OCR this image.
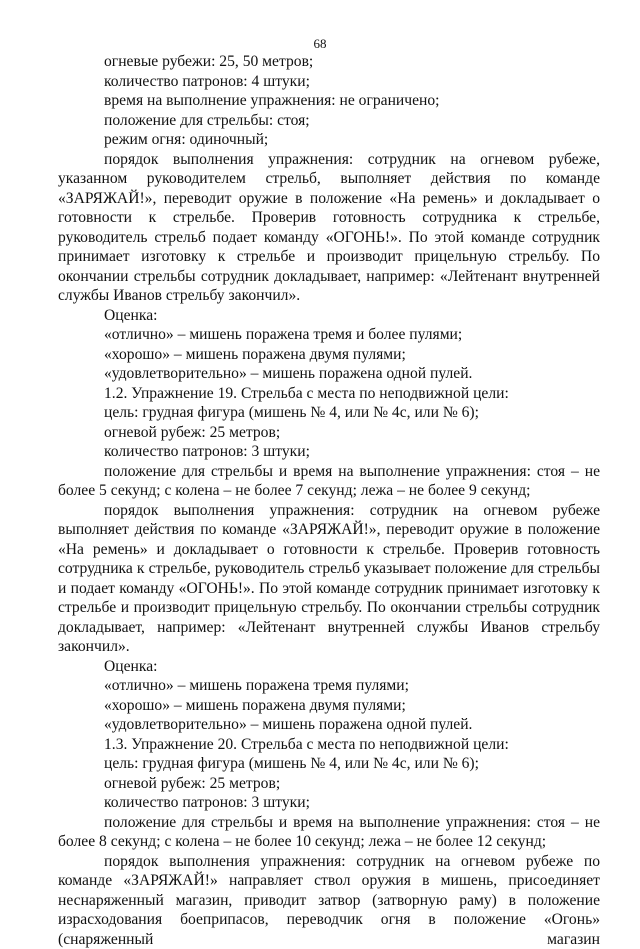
68

огневые рубежи: 25, 50 метров;

количество патронов: 4 штуки;

время на выполнение упражнения: не ограничено;

положение для стрельбы: стоя;

режим огня: одиночный;

порядок выполнения упражнения: сотрудник на огневом рубеже, указанном руководителем стрельб, выполняет действия по команде «ЗАРЯЖАЙ!», переводит оружие в положение «На ремень» и докладывает о готовности к стрельбе. Проверив готовность сотрудника к стрельбе, руководитель стрельб подает команду «ОГОНЬ!». По этой команде сотрудник принимает изготовку к стрельбе и производит прицельную стрельбу. По окончании стрельбы сотрудник докладывает, например: «Лейтенант внутренней службы Иванов стрельбу закончил».

Оценка:

«отлично» – мишень поражена тремя и более пулями;

«хорошо» – мишень поражена двумя пулями;

«удовлетворительно» – мишень поражена одной пулей.

1.2. Упражнение 19. Стрельба с места по неподвижной цели:

цель: грудная фигура (мишень № 4, или № 4с, или № 6);

огневой рубеж: 25 метров;

количество патронов: 3 штуки;

положение для стрельбы и время на выполнение упражнения: стоя – не более 5 секунд; с колена – не более 7 секунд; лежа – не более 9 секунд;

порядок выполнения упражнения: сотрудник на огневом рубеже выполняет действия по команде «ЗАРЯЖАЙ!», переводит оружие в положение «На ремень» и докладывает о готовности к стрельбе. Проверив готовность сотрудника к стрельбе, руководитель стрельб указывает положение для стрельбы и подает команду «ОГОНЬ!». По этой команде сотрудник принимает изготовку к стрельбе и производит прицельную стрельбу. По окончании стрельбы сотрудник докладывает, например: «Лейтенант внутренней службы Иванов стрельбу закончил».

Оценка:

«отлично» – мишень поражена тремя пулями;

«хорошо» – мишень поражена двумя пулями;

«удовлетворительно» – мишень поражена одной пулей.

1.3. Упражнение 20. Стрельба с места по неподвижной цели:

цель: грудная фигура (мишень № 4, или № 4с, или № 6);

огневой рубеж: 25 метров;

количество патронов: 3 штуки;

положение для стрельбы и время на выполнение упражнения: стоя – не более 8 секунд; с колена – не более 10 секунд; лежа – не более 12 секунд;

порядок выполнения упражнения: сотрудник на огневом рубеже по команде «ЗАРЯЖАЙ!» направляет ствол оружия в мишень, присоединяет неснаряженный магазин, приводит затвор (затворную раму) в положение израсходования боеприпасов, переводчик огня в положение «Огонь» (снаряженный магазин
